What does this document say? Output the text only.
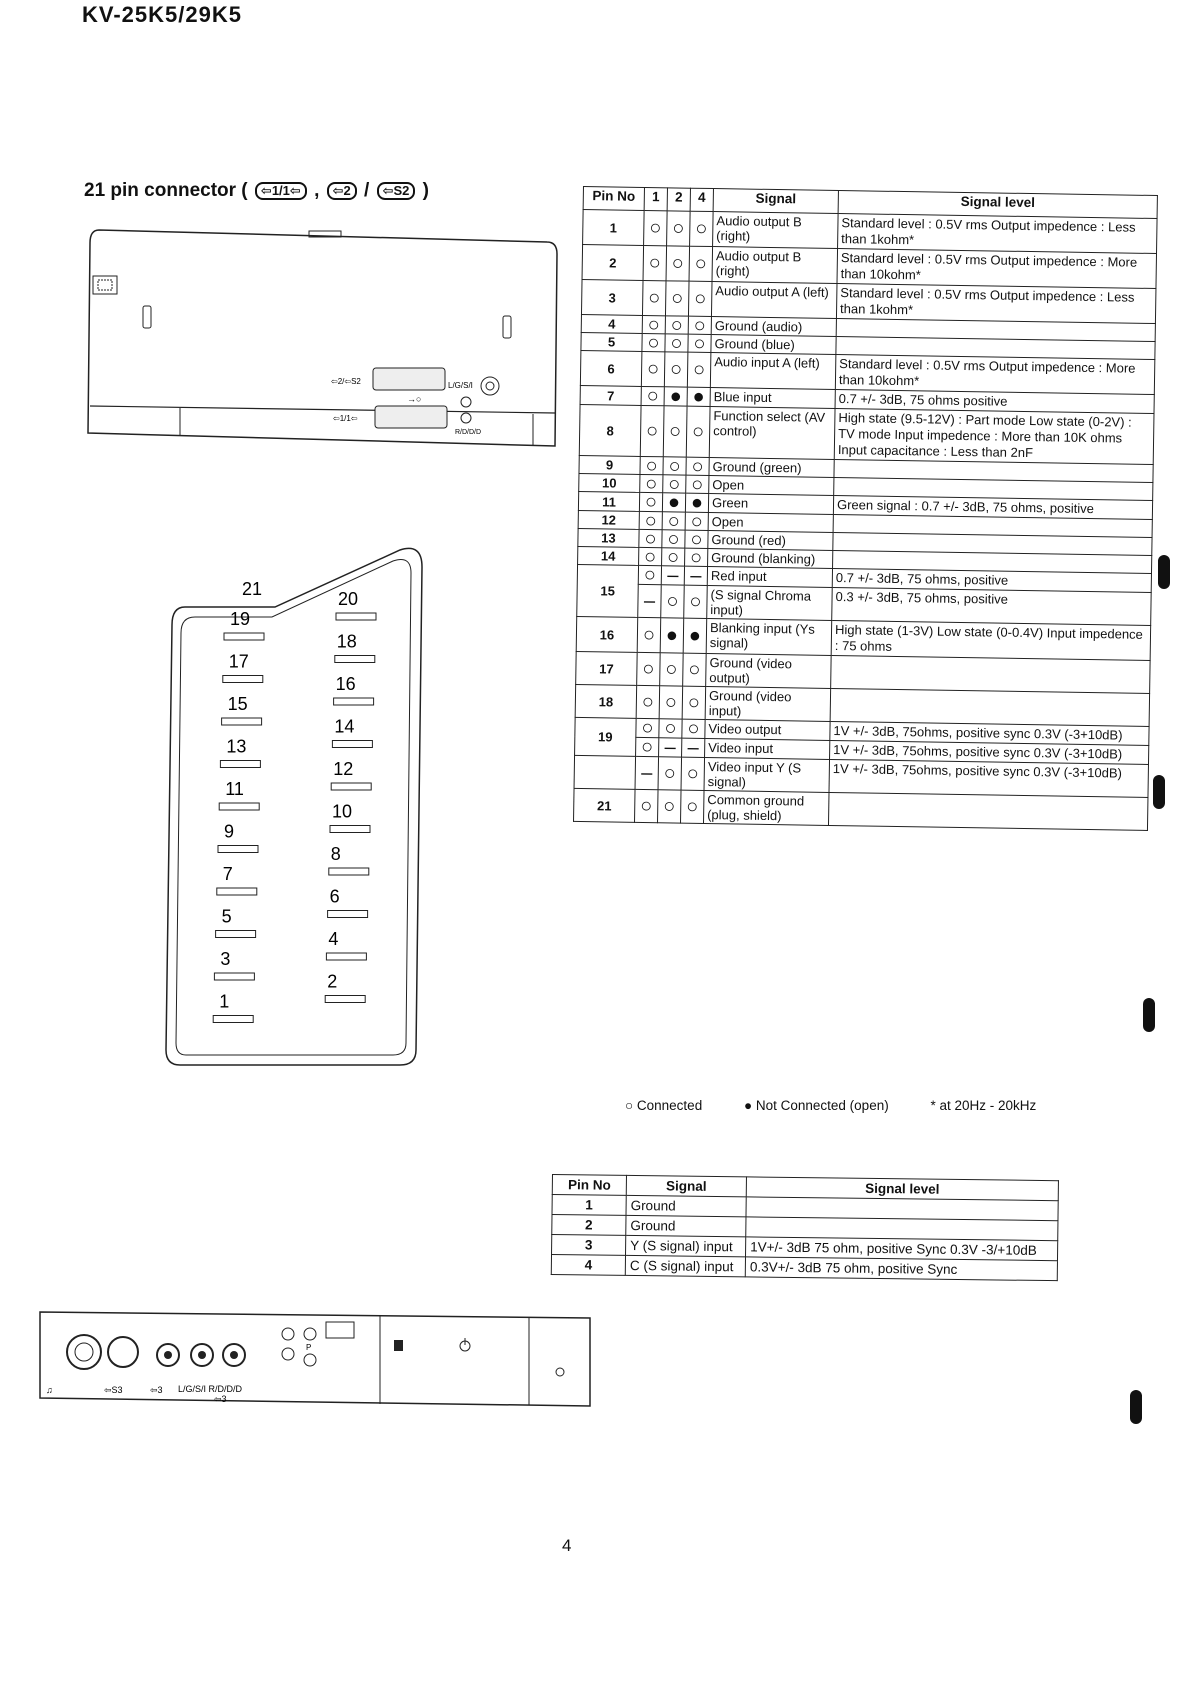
KV-25K5/29K5
21 pin connector ( ⇦1/1⇦ , ⇦2 / ⇦S2 )
⇦2/⇦S2
⇦1/1⇦
L/G/S/I
R/D/D/D
→○
19
20
17
18
15
16
13
14
11
12
9
10
7
8
5
6
3
4
1
2
21
Pin No	1	2	4	Signal	Signal level
1	○	○	○	Audio output B (right)	Standard level : 0.5V rms Output impedence : Less than 1kohm*
2	○	○	○	Audio output B (right)	Standard level : 0.5V rms Output impedence : More than 10kohm*
3	○	○	○	Audio output A (left)	Standard level : 0.5V rms Output impedence : Less than 1kohm*
4	○	○	○	Ground (audio)	
5	○	○	○	Ground (blue)	
6	○	○	○	Audio input A (left)	Standard level : 0.5V rms Output impedence : More than 10kohm*
7	○	●	●	Blue input	0.7 +/- 3dB, 75 ohms positive
8	○	○	○	Function select (AV control)	High state (9.5-12V) : Part mode Low state (0-2V) : TV mode Input impedence : More than 10K ohms Input capacitance : Less than 2nF
9	○	○	○	Ground (green)	
10	○	○	○	Open	
11	○	●	●	Green	Green signal : 0.7 +/- 3dB, 75 ohms, positive
12	○	○	○	Open	
13	○	○	○	Ground (red)	
14	○	○	○	Ground (blanking)	
15	○	–	–	Red input	0.7 +/- 3dB, 75 ohms, positive
	–	○	○	(S signal Chroma input)	0.3 +/- 3dB, 75 ohms, positive
16	○	●	●	Blanking input (Ys signal)	High state (1-3V) Low state (0-0.4V) Input impedence : 75 ohms
17	○	○	○	Ground (video output)	
18	○	○	○	Ground (video input)	
19	○	○	○	Video output	1V +/- 3dB, 75ohms, positive sync 0.3V (-3+10dB)
	○	–	–	Video input	1V +/- 3dB, 75ohms, positive sync 0.3V (-3+10dB)
	–	○	○	Video input Y (S signal)	1V +/- 3dB, 75ohms, positive sync 0.3V (-3+10dB)
21	○	○	○	Common ground (plug, shield)	
○ Connected	● Not Connected (open)	* at 20Hz - 20kHz
Pin No	Signal	Signal level
1	Ground	
2	Ground	
3	Y (S signal) input	1V+/- 3dB 75 ohm, positive Sync 0.3V -3/+10dB
4	C (S signal) input	0.3V+/- 3dB 75 ohm, positive Sync
♫	⇦S3	⇦3 L/G/S/I R/D/D/D
⇦3
P
4
